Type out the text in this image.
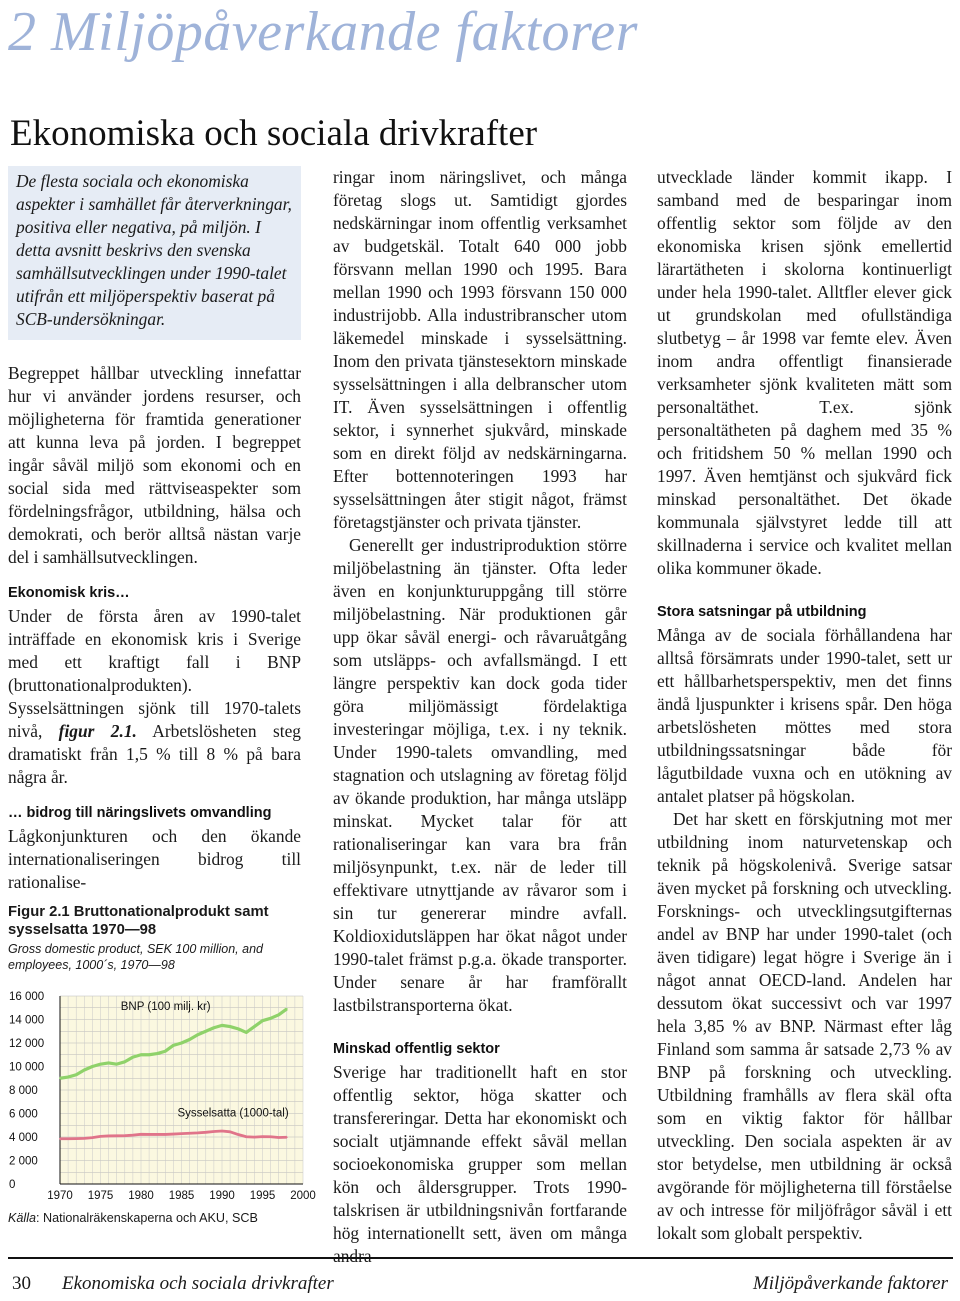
2 Miljöpåverkande faktorer
Ekonomiska och sociala drivkrafter
De flesta sociala och ekonomiska aspekter i samhället får återverkningar, positiva eller negativa, på miljön. I detta avsnitt beskrivs den svenska samhällsutvecklingen under 1990-talet utifrån ett miljöperspektiv baserat på SCB-undersökningar.

Begreppet hållbar utveckling innefattar hur vi använder jordens resurser, och möjligheterna för framtida generationer att kunna leva på jorden. I begreppet ingår såväl miljö som ekonomi och en social sida med rättviseaspekter som fördelningsfrågor, utbildning, hälsa och demokrati, och berör alltså nästan varje del i samhällsutvecklingen.

Ekonomisk kris…

Under de första åren av 1990-talet inträffade en ekonomisk kris i Sverige med ett kraftigt fall i BNP (bruttonationalprodukten). Sysselsättningen sjönk till 1970-talets nivå, figur 2.1. Arbetslösheten steg dramatiskt från 1,5 % till 8 % på bara några år.

… bidrog till näringslivets omvandling

Lågkonjunkturen och den ökande internationaliseringen bidrog till rationalise-

Figur 2.1 Bruttonationalprodukt samt sysselsatta 1970—98

Gross domestic product, SEK 100 million, and employees, 1000´s, 1970—98

0
2 000
4 000
6 000
8 000
10 000
12 000
14 000
16 000
1970 1975 1980 1985 1990 1995 2000
BNP (100 milj. kr)
Sysselsatta (1000-tal)
Källa: Nationalräkenskaperna och AKU, SCB

ringar inom näringslivet, och många företag slogs ut. Samtidigt gjordes nedskärningar inom offentlig verksamhet av budgetskäl. Totalt 640 000 jobb försvann mellan 1990 och 1995. Bara mellan 1990 och 1993 försvann 150 000 industrijobb. Alla industribranscher utom läkemedel minskade i sysselsättning. Inom den privata tjänstesektorn minskade sysselsättningen i alla delbranscher utom IT. Även sysselsättningen i offentlig sektor, i synnerhet sjukvård, minskade som en direkt följd av nedskärningarna. Efter bottennoteringen 1993 har sysselsättningen åter stigit något, främst företagstjänster och privata tjänster.

Generellt ger industriproduktion större miljöbelastning än tjänster. Ofta leder även en konjunkturuppgång till större miljöbelastning. När produktionen går upp ökar såväl energi- och råvaruåtgång som utsläpps- och avfallsmängd. I ett längre perspektiv kan dock goda tider göra miljömässigt fördelaktiga investeringar möjliga, t.ex. i ny teknik. Under 1990-talets omvandling, med stagnation och utslagning av företag följd av ökande produktion, har många utsläpp minskat. Mycket talar för att rationaliseringar kan vara bra från miljösynpunkt, t.ex. när de leder till effektivare utnyttjande av råvaror som i sin tur genererar mindre avfall. Koldioxidutsläppen har ökat något under 1990-talet främst p.g.a. ökade transporter. Under senare år har framförallt lastbilstransporterna ökat.

Minskad offentlig sektor

Sverige har traditionellt haft en stor offentlig sektor, höga skatter och transfereringar. Detta har ekonomiskt och socialt utjämnande effekt såväl mellan socioekonomiska grupper som mellan kön och åldersgrupper. Trots 1990-talskrisen är utbildningsnivån fortfarande hög internationellt sett, även om många andra

utvecklade länder kommit ikapp. I samband med de besparingar inom offentlig sektor som följde av den ekonomiska krisen sjönk emellertid lärartätheten i skolorna kontinuerligt under hela 1990-talet. Alltfler elever gick ut grundskolan med ofullständiga slutbetyg – år 1998 var femte elev. Även inom andra offentligt finansierade verksamheter sjönk kvaliteten mätt som personaltäthet. T.ex. sjönk personaltätheten på daghem med 35 % och fritidshem 50 % mellan 1990 och 1997. Även hemtjänst och sjukvård fick minskad personaltäthet. Det ökade kommunala självstyret ledde till att skillnaderna i service och kvalitet mellan olika kommuner ökade.

Stora satsningar på utbildning

Många av de sociala förhållandena har alltså försämrats under 1990-talet, sett ur ett hållbarhetsperspektiv, men det finns ändå ljuspunkter i krisens spår. Den höga arbetslösheten möttes med stora utbildningssatsningar både för lågutbildade vuxna och en utökning av antalet platser på högskolan.

Det har skett en förskjutning mot mer utbildning inom naturvetenskap och teknik på högskolenivå. Sverige satsar även mycket på forskning och utveckling. Forsknings- och utvecklingsutgifternas andel av BNP har under 1990-talet (och även tidigare) legat högre i Sverige än i något annat OECD-land. Andelen har dessutom ökat successivt och var 1997 hela 3,85 % av BNP. Närmast efter låg Finland som samma år satsade 2,73 % av BNP på forskning och utveckling. Utbildning framhålls av flera skäl ofta som en viktig faktor för hållbar utveckling. Den sociala aspekten är av stor betydelse, men utbildning är också avgörande för möjligheterna till förståelse av och intresse för miljöfrågor såväl i ett lokalt som globalt perspektiv.

30 Ekonomiska och sociala drivkrafter	Miljöpåverkande faktorer
